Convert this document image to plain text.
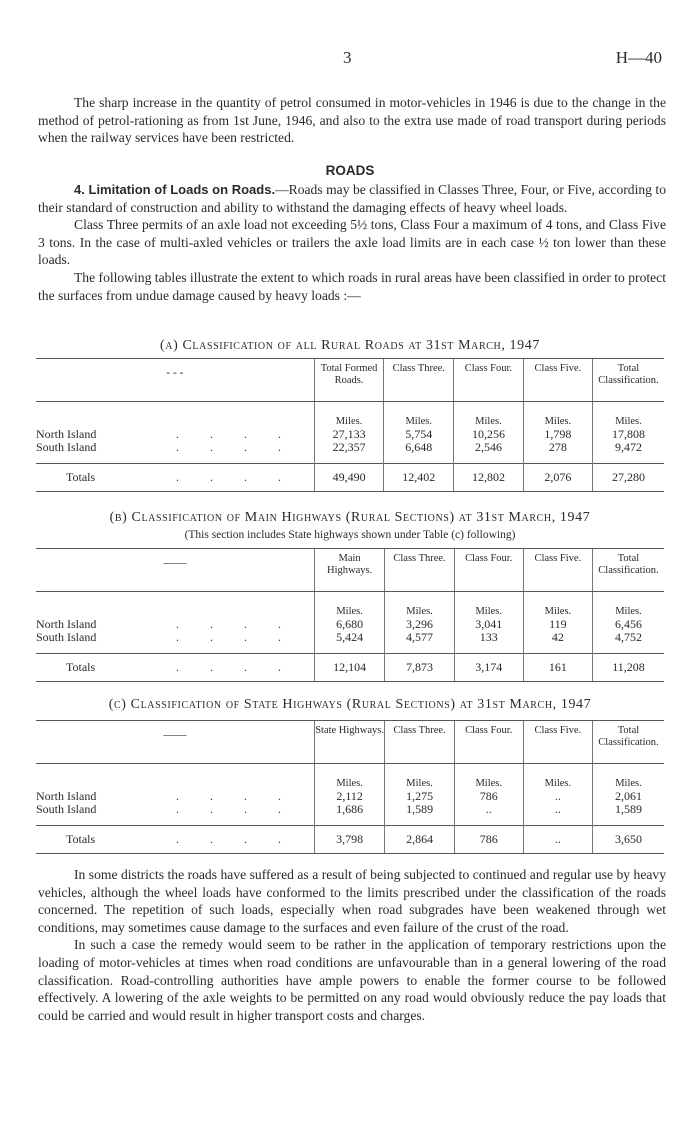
3	H—40

The sharp increase in the quantity of petrol consumed in motor-vehicles in 1946 is due to the change in the method of petrol-rationing as from 1st June, 1946, and also to the extra use made of road transport during periods when the railway services have been restricted.

ROADS

4. Limitation of Loads on Roads.—Roads may be classified in Classes Three, Four, or Five, according to their standard of construction and ability to withstand the damaging effects of heavy wheel loads.

Class Three permits of an axle load not exceeding 5½ tons, Class Four a maximum of 4 tons, and Class Five 3 tons. In the case of multi-axled vehicles or trailers the axle load limits are in each case ½ ton lower than these loads.

The following tables illustrate the extent to which roads in rural areas have been classified in order to protect the surfaces from undue damage caused by heavy loads :—

(a) Classification of all Rural Roads at 31st March, 1947
- - -	Total Formed Roads.	Class Three.	Class Four.	Class Five.	Total Classification.
	Miles.	Miles.	Miles.	Miles.	Miles.
North Island . . . .	27,133	5,754	10,256	1,798	17,808
South Island . . . .	22,357	6,648	2,546	278	9,472
Totals . . . .	49,490	12,402	12,802	2,076	27,280
(b) Classification of Main Highways (Rural Sections) at 31st March, 1947
(This section includes State highways shown under Table (c) following)
——	Main Highways.	Class Three.	Class Four.	Class Five.	Total Classification.
	Miles.	Miles.	Miles.	Miles.	Miles.
North Island . . . .	6,680	3,296	3,041	119	6,456
South Island . . . .	5,424	4,577	133	42	4,752
Totals . . . .	12,104	7,873	3,174	161	11,208
(c) Classification of State Highways (Rural Sections) at 31st March, 1947
——	State Highways.	Class Three.	Class Four.	Class Five.	Total Classification.
	Miles.	Miles.	Miles.	Miles.	Miles.
North Island . . . .	2,112	1,275	786	..	2,061
South Island . . . .	1,686	1,589	..	..	1,589
Totals . . . .	3,798	2,864	786	..	3,650

In some districts the roads have suffered as a result of being subjected to continued and regular use by heavy vehicles, although the wheel loads have conformed to the limits prescribed under the classification of the roads concerned. The repetition of such loads, especially when road subgrades have been weakened through wet conditions, may sometimes cause damage to the surfaces and even failure of the crust of the road.

In such a case the remedy would seem to be rather in the application of temporary restrictions upon the loading of motor-vehicles at times when road conditions are unfavourable than in a general lowering of the road classification. Road-controlling authorities have ample powers to enable the former course to be followed effectively. A lowering of the axle weights to be permitted on any road would obviously reduce the pay loads that could be carried and would result in higher transport costs and charges.
